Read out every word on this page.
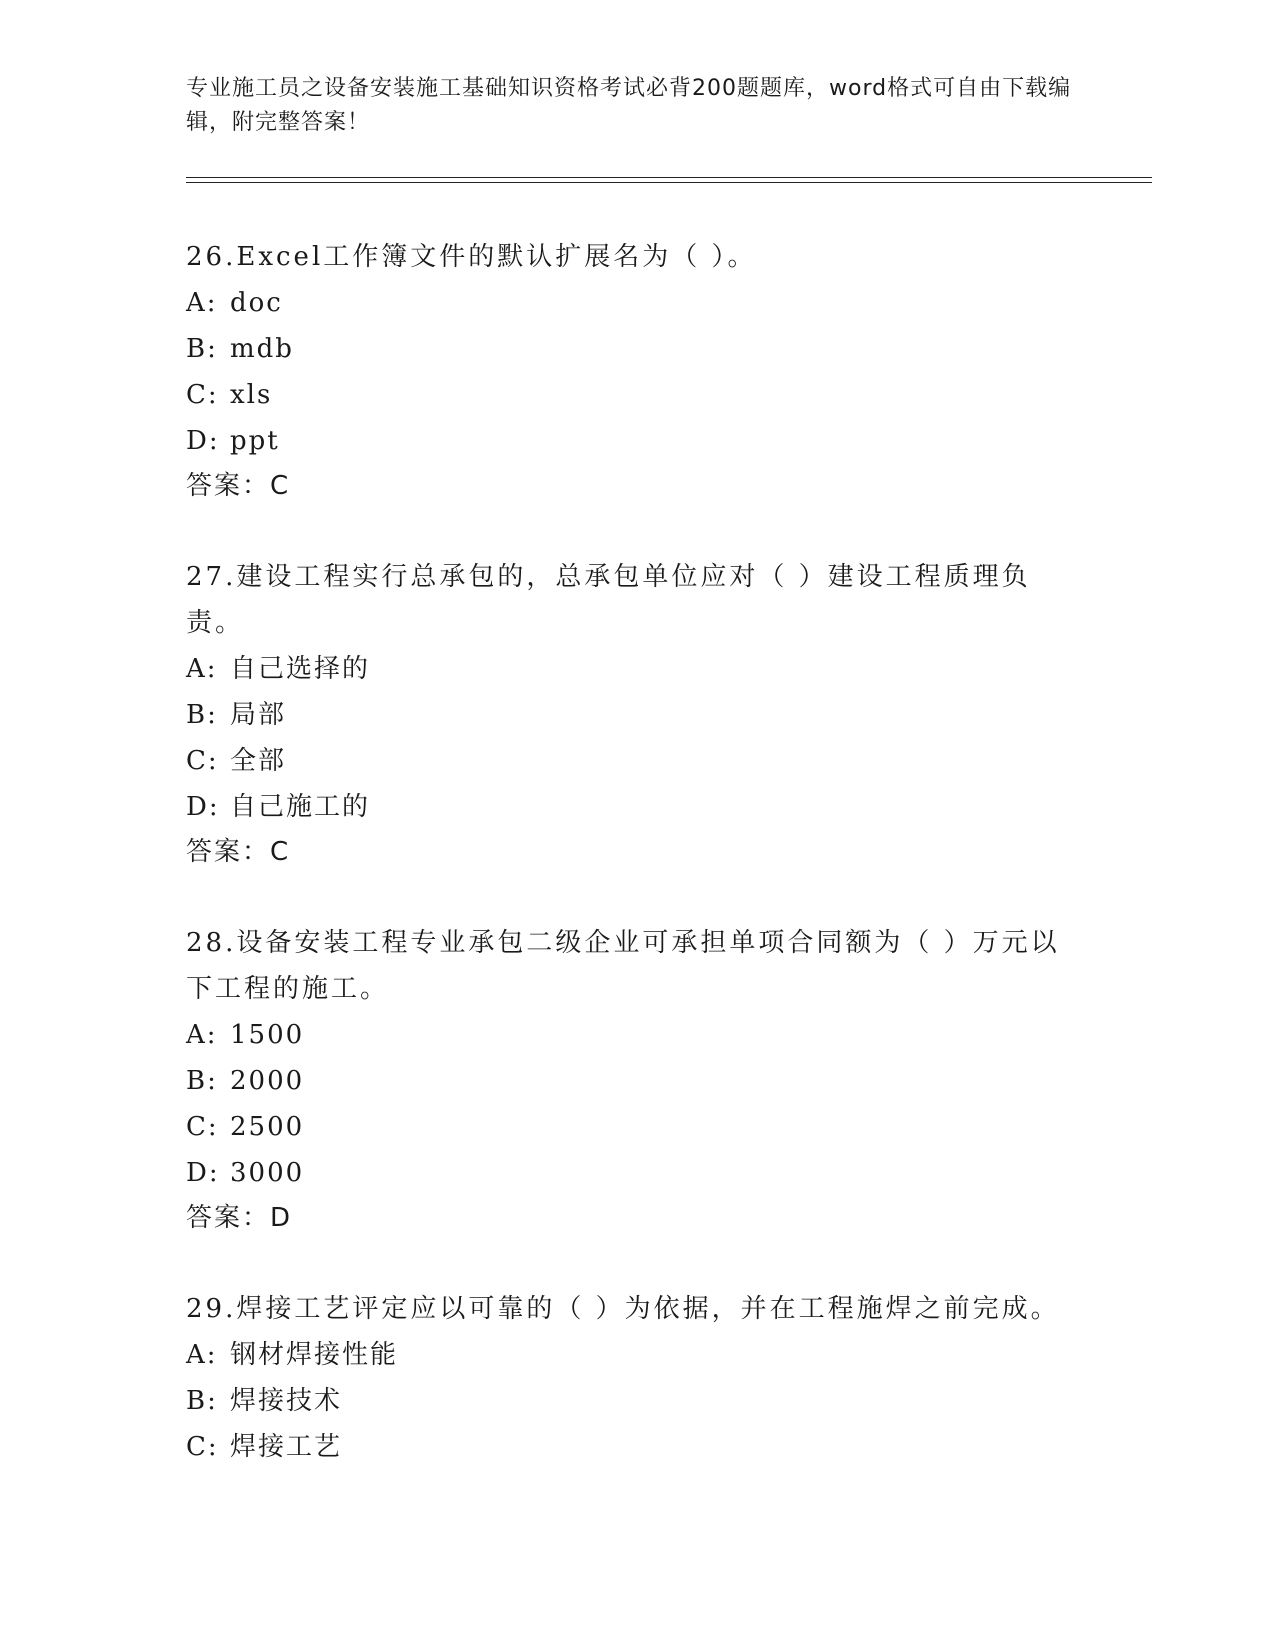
专业施工员之设备安装施工基础知识资格考试必背200题题库，word格式可自由下载编辑，附完整答案！

26.Excel工作簿文件的默认扩展名为（ ）。

A: doc

B: mdb

C: xls

D: ppt

答案：C

27.建设工程实行总承包的，总承包单位应对（ ）建设工程质理负责。

A: 自己选择的

B: 局部

C: 全部

D: 自己施工的

答案：C

28.设备安装工程专业承包二级企业可承担单项合同额为（ ）万元以下工程的施工。

A: 1500

B: 2000

C: 2500

D: 3000

答案：D

29.焊接工艺评定应以可靠的（ ）为依据，并在工程施焊之前完成。

A: 钢材焊接性能

B: 焊接技术

C: 焊接工艺
